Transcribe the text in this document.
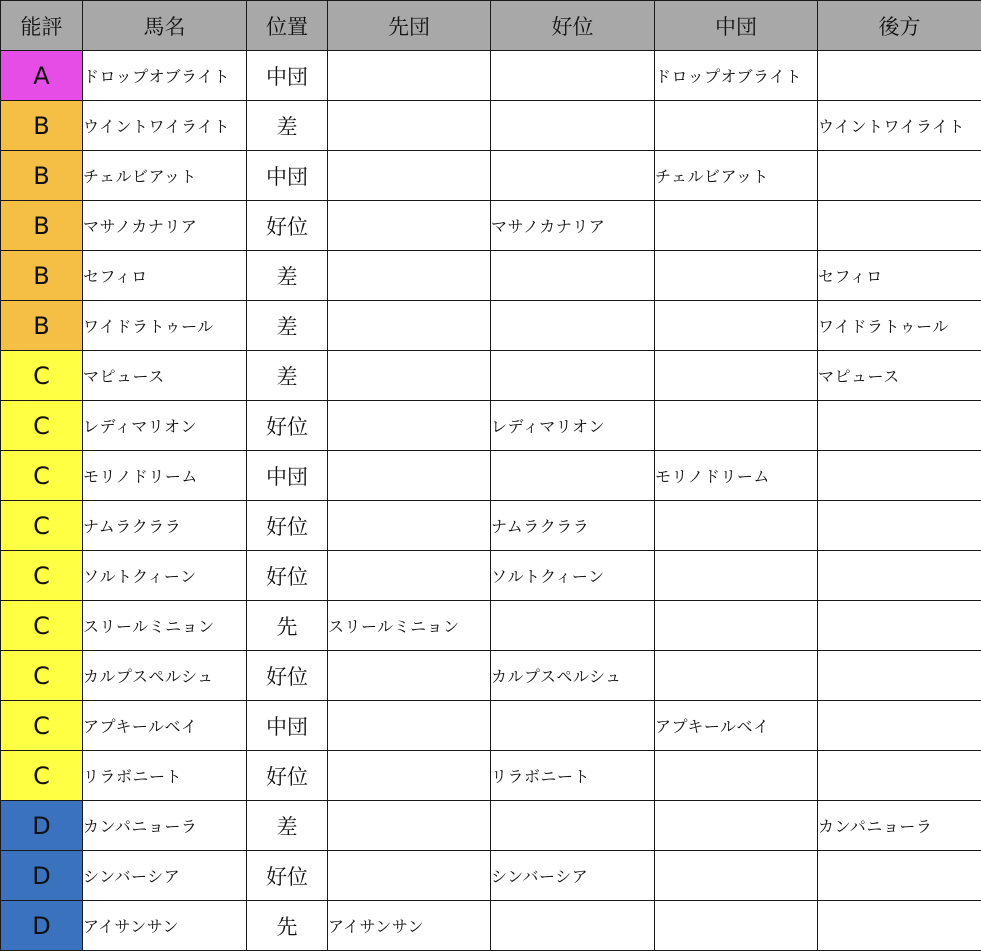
能評	馬名	位置	先団	好位	中団	後方
A	ドロップオブライト	中団			ドロップオブライト	
B	ウイントワイライト	差				ウイントワイライト
B	チェルビアット	中団			チェルビアット	
B	マサノカナリア	好位		マサノカナリア		
B	セフィロ	差				セフィロ
B	ワイドラトゥール	差				ワイドラトゥール
C	マピュース	差				マピュース
C	レディマリオン	好位		レディマリオン		
C	モリノドリーム	中団			モリノドリーム	
C	ナムラクララ	好位		ナムラクララ		
C	ソルトクィーン	好位		ソルトクィーン		
C	スリールミニョン	先	スリールミニョン			
C	カルプスペルシュ	好位		カルプスペルシュ		
C	アプキールベイ	中団			アプキールベイ	
C	リラボニート	好位		リラボニート		
D	カンパニョーラ	差				カンパニョーラ
D	シンバーシア	好位		シンバーシア		
D	アイサンサン	先	アイサンサン			
